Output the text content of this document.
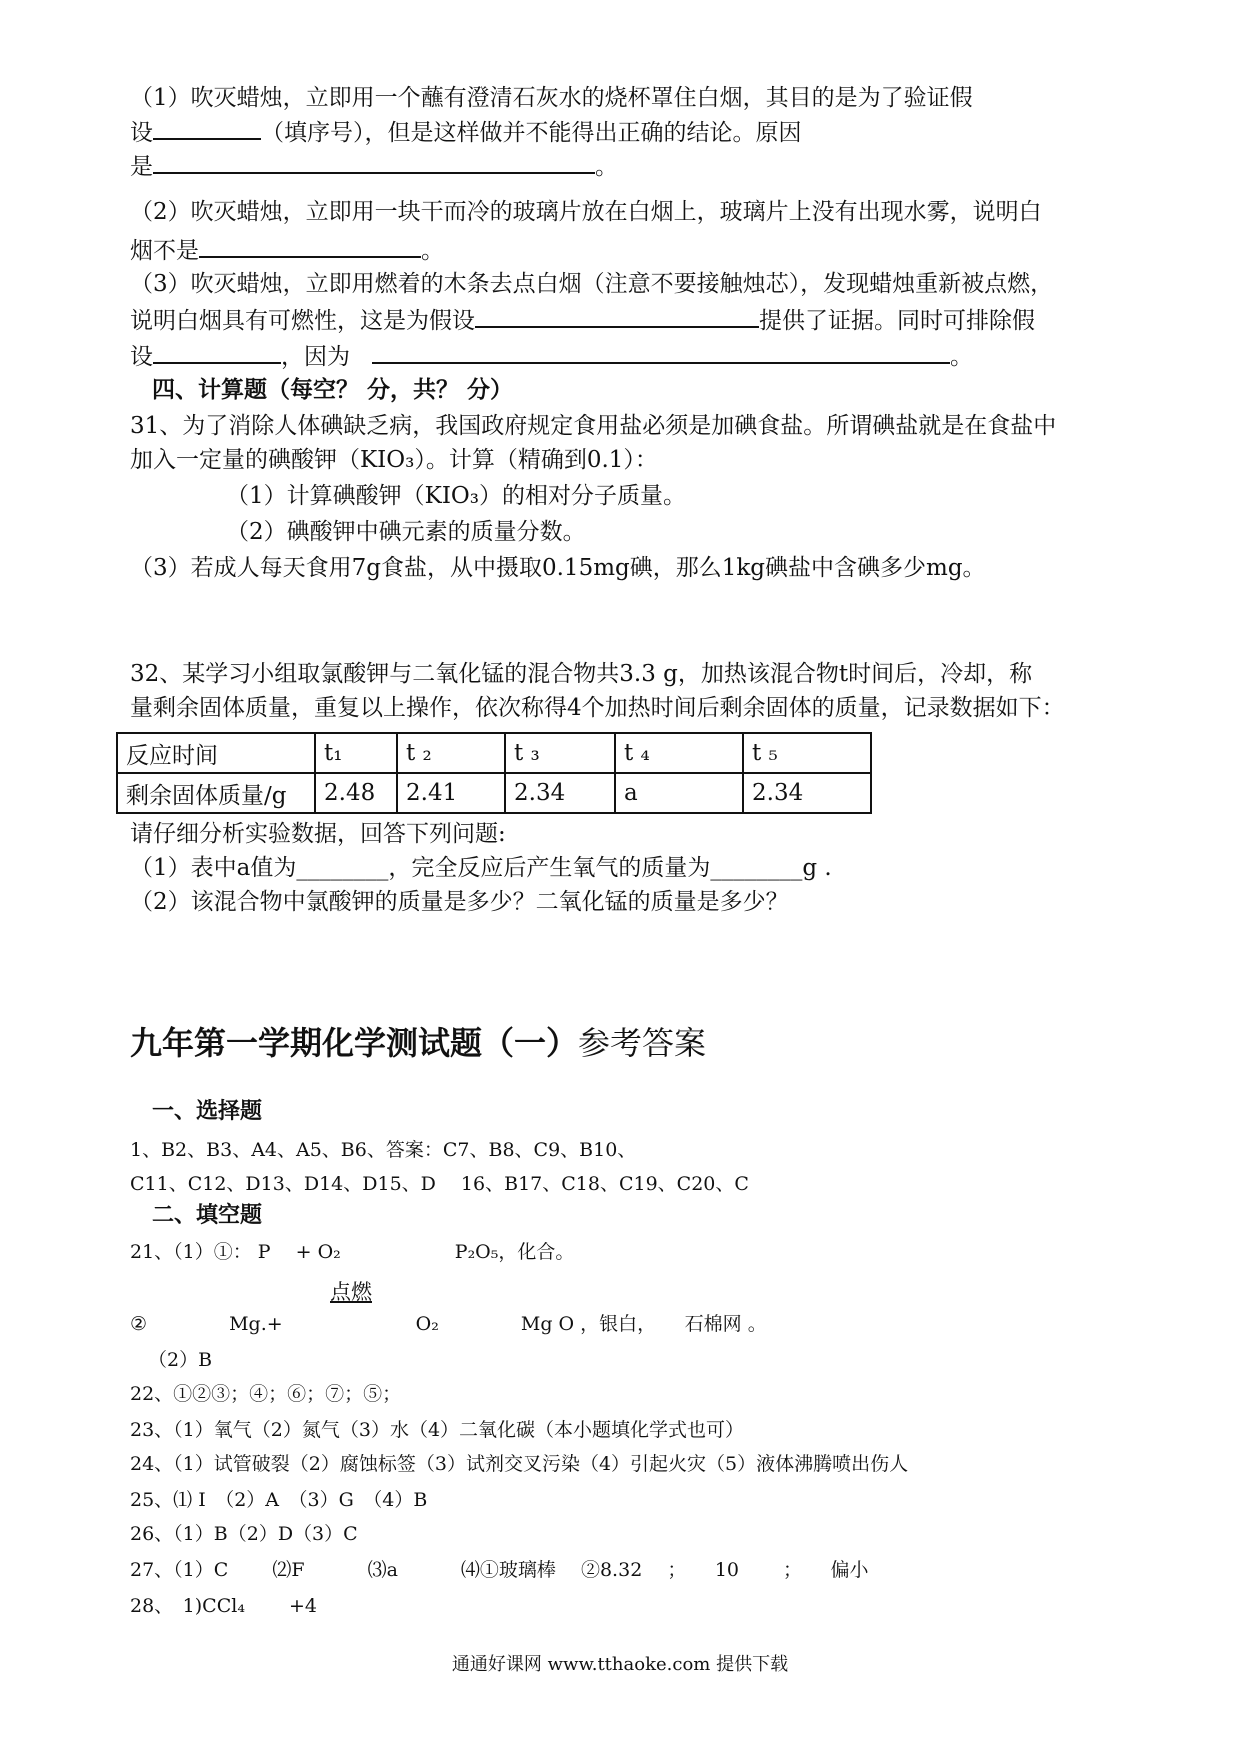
（1）吹灭蜡烛，立即用一个蘸有澄清石灰水的烧杯罩住白烟，其目的是为了验证假
设	（填序号），但是这样做并不能得出正确的结论。原因
是	。
（2）吹灭蜡烛，立即用一块干而冷的玻璃片放在白烟上，玻璃片上没有出现水雾，说明白
烟不是	。
（3）吹灭蜡烛，立即用燃着的木条去点白烟（注意不要接触烛芯），发现蜡烛重新被点燃，
说明白烟具有可燃性，这是为假设	提供了证据。同时可排除假
设	，因为	。
四、计算题（每空？ 分，共？ 分）
31、为了消除人体碘缺乏病，我国政府规定食用盐必须是加碘食盐。所谓碘盐就是在食盐中
加入一定量的碘酸钾（KIO₃）。计算（精确到0.1）：
（1）计算碘酸钾（KIO₃）的相对分子质量。
（2）碘酸钾中碘元素的质量分数。
（3）若成人每天食用7g食盐，从中摄取0.15mg碘，那么1kg碘盐中含碘多少mg。
32、某学习小组取氯酸钾与二氧化锰的混合物共3.3 g，加热该混合物t时间后，冷却，称
量剩余固体质量，重复以上操作，依次称得4个加热时间后剩余固体的质量，记录数据如下：
反应时间	t₁	t ₂	t ₃	t ₄	t ₅
剩余固体质量/g	2.48	2.41	2.34	a	2.34
请仔细分析实验数据，回答下列问题:
（1）表中a值为________，完全反应后产生氧气的质量为________g .
（2）该混合物中氯酸钾的质量是多少？二氧化锰的质量是多少？
九年第一学期化学测试题（一）参考答案
一、选择题
1、B2、B3、A4、A5、B6、答案：C7、B8、C9、B10、
C11、C12、D13、D14、D15、D　 16、B17、C18、C19、C20、C
二、填空题
21、（1）①： P　 + O₂　　　　　　P₂O₅，化合。
点燃
②　　　　 Mg.+　　　　　　　O₂　　　　 Mg O ，银白，　　石棉网 。
（2）B
22、①②③；④；⑥；⑦；⑤；
23、（1）氧气（2）氮气（3）水（4）二氧化碳（本小题填化学式也可）
24、（1）试管破裂（2）腐蚀标签（3）试剂交叉污染（4）引起火灾（5）液体沸腾喷出伤人
25、⑴ I　（2）A　（3）G　（4）B
26、（1）B（2）D（3）C
27、（1）C　　 ⑵F　　　 ⑶a　　　 ⑷①玻璃棒　 ②8.32　 ；　　10　　 ；　　偏小
28、　1)CCl₄　　 +4
通通好课网 www.tthaoke.com 提供下载
